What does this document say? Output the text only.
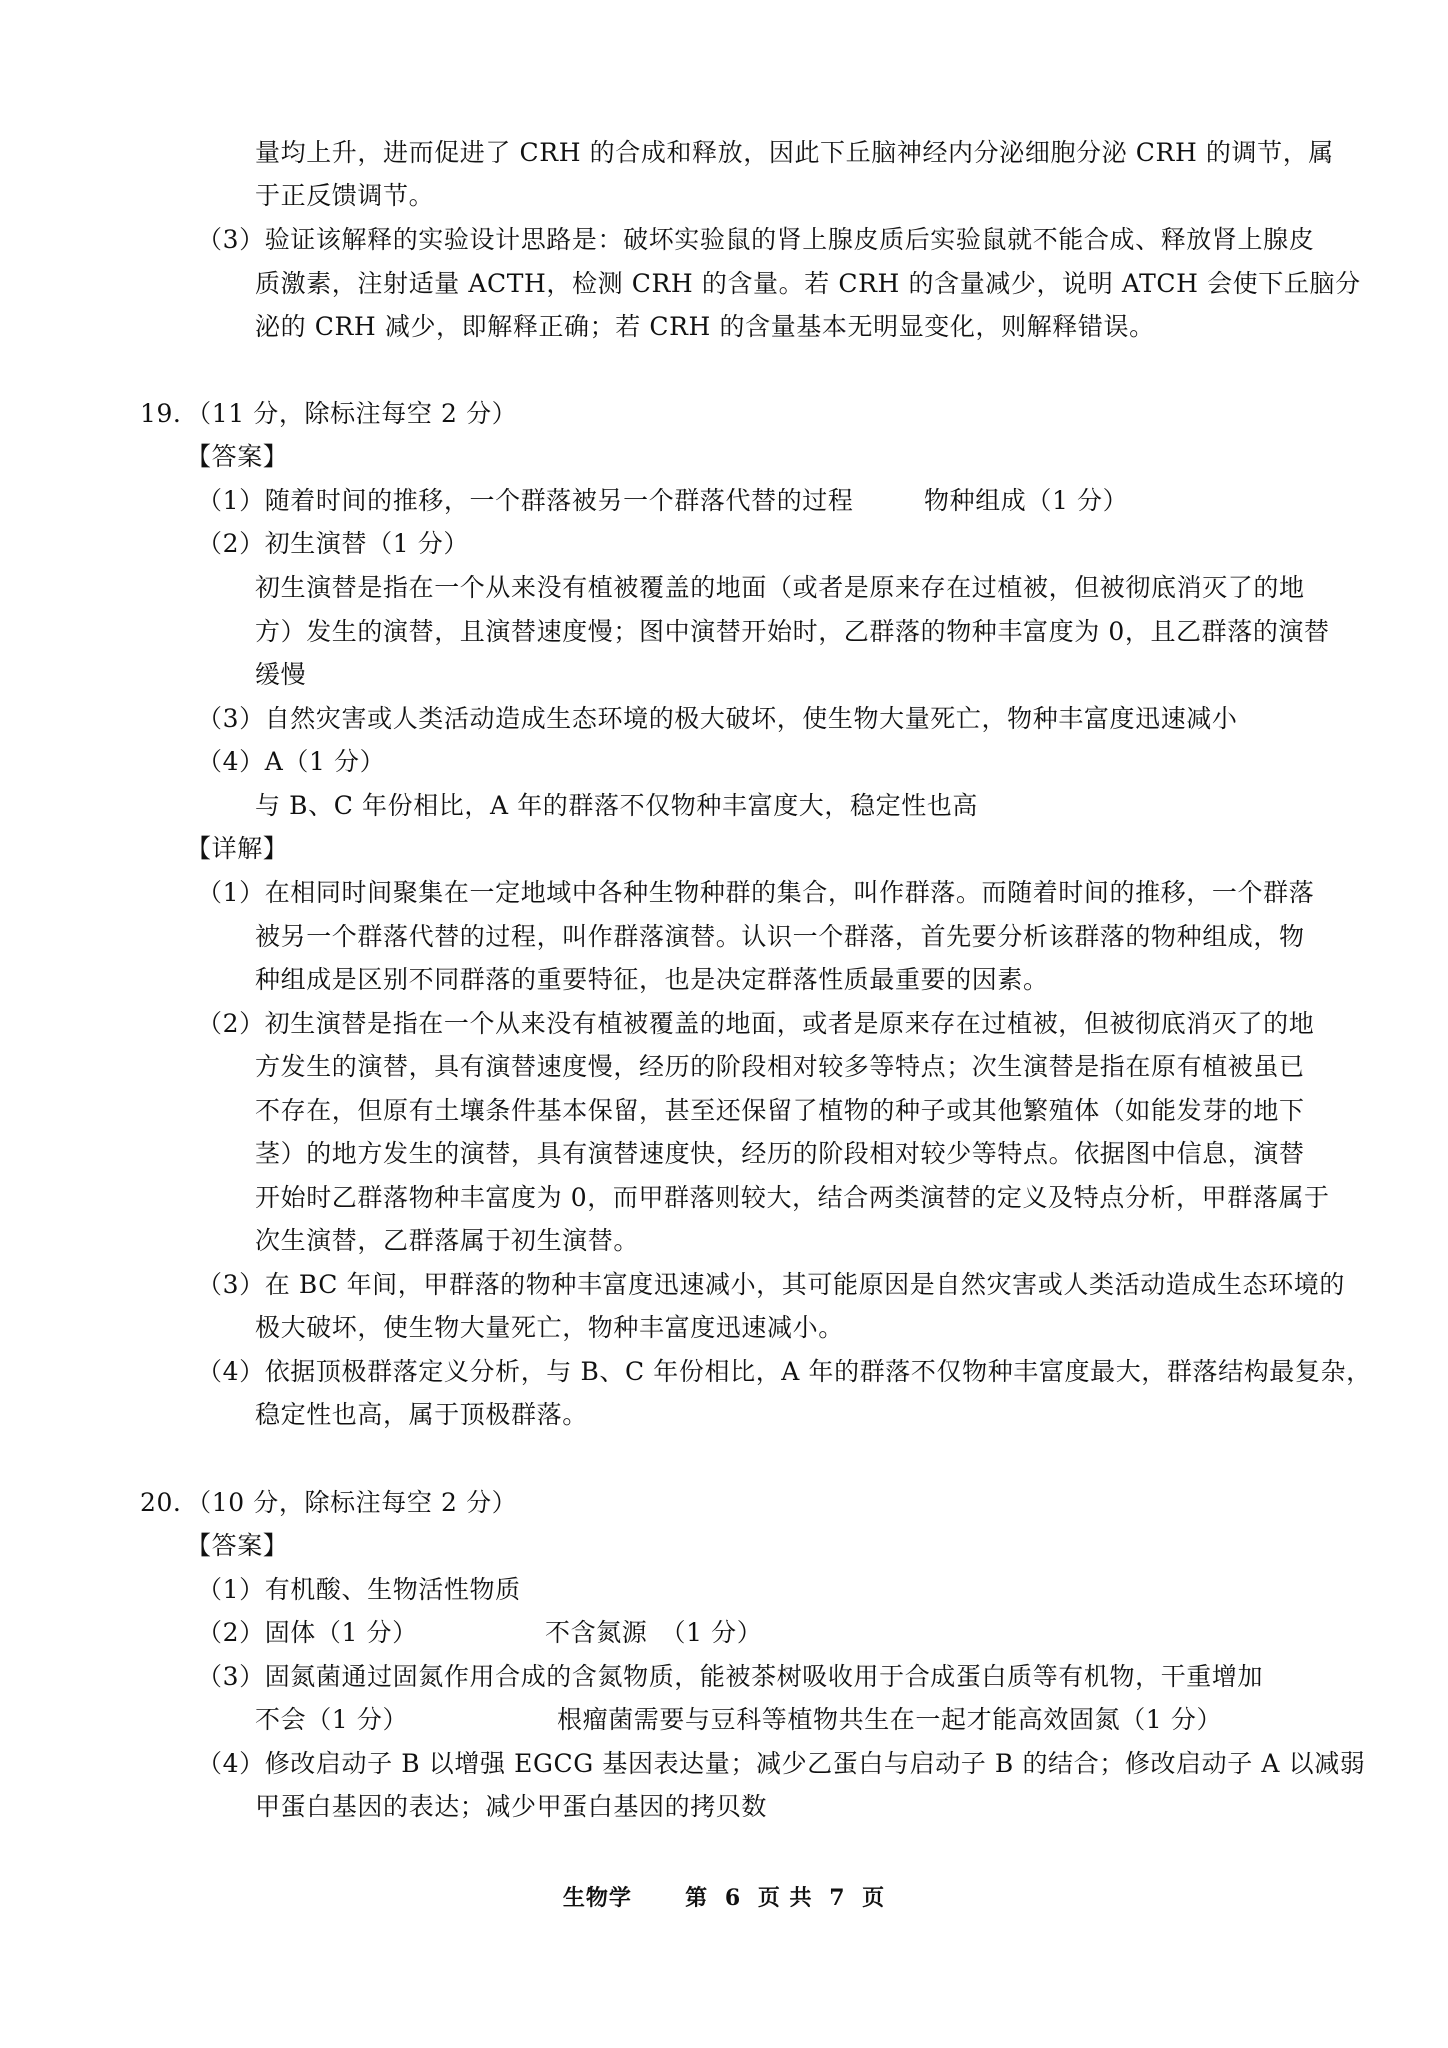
量均上升，进而促进了 CRH 的合成和释放，因此下丘脑神经内分泌细胞分泌 CRH 的调节，属
于正反馈调节。
（3）验证该解释的实验设计思路是：破坏实验鼠的肾上腺皮质后实验鼠就不能合成、释放肾上腺皮
质激素，注射适量 ACTH，检测 CRH 的含量。若 CRH 的含量减少，说明 ATCH 会使下丘脑分
泌的 CRH 减少，即解释正确；若 CRH 的含量基本无明显变化，则解释错误。
19．（11 分，除标注每空 2 分）
【答案】
（1）随着时间的推移，一个群落被另一个群落代替的过程	物种组成（1 分）
（2）初生演替（1 分）
初生演替是指在一个从来没有植被覆盖的地面（或者是原来存在过植被，但被彻底消灭了的地
方）发生的演替，且演替速度慢；图中演替开始时，乙群落的物种丰富度为 0，且乙群落的演替
缓慢
（3）自然灾害或人类活动造成生态环境的极大破坏，使生物大量死亡，物种丰富度迅速减小
（4）A（1 分）
与 B、C 年份相比，A 年的群落不仅物种丰富度大，稳定性也高
【详解】
（1）在相同时间聚集在一定地域中各种生物种群的集合，叫作群落。而随着时间的推移，一个群落
被另一个群落代替的过程，叫作群落演替。认识一个群落，首先要分析该群落的物种组成，物
种组成是区别不同群落的重要特征，也是决定群落性质最重要的因素。
（2）初生演替是指在一个从来没有植被覆盖的地面，或者是原来存在过植被，但被彻底消灭了的地
方发生的演替，具有演替速度慢，经历的阶段相对较多等特点；次生演替是指在原有植被虽已
不存在，但原有土壤条件基本保留，甚至还保留了植物的种子或其他繁殖体（如能发芽的地下
茎）的地方发生的演替，具有演替速度快，经历的阶段相对较少等特点。依据图中信息，演替
开始时乙群落物种丰富度为 0，而甲群落则较大，结合两类演替的定义及特点分析，甲群落属于
次生演替，乙群落属于初生演替。
（3）在 BC 年间，甲群落的物种丰富度迅速减小，其可能原因是自然灾害或人类活动造成生态环境的
极大破坏，使生物大量死亡，物种丰富度迅速减小。
（4）依据顶极群落定义分析，与 B、C 年份相比，A 年的群落不仅物种丰富度最大，群落结构最复杂，
稳定性也高，属于顶极群落。
20．（10 分，除标注每空 2 分）
【答案】
（1）有机酸、生物活性物质
（2）固体（1 分）	不含氮源　（1 分）
（3）固氮菌通过固氮作用合成的含氮物质，能被茶树吸收用于合成蛋白质等有机物，干重增加
不会（1 分）	根瘤菌需要与豆科等植物共生在一起才能高效固氮（1 分）
（4）修改启动子 B 以增强 EGCG 基因表达量；减少乙蛋白与启动子 B 的结合；修改启动子 A 以减弱
甲蛋白基因的表达；减少甲蛋白基因的拷贝数
生物学 第 6 页 共 7 页
